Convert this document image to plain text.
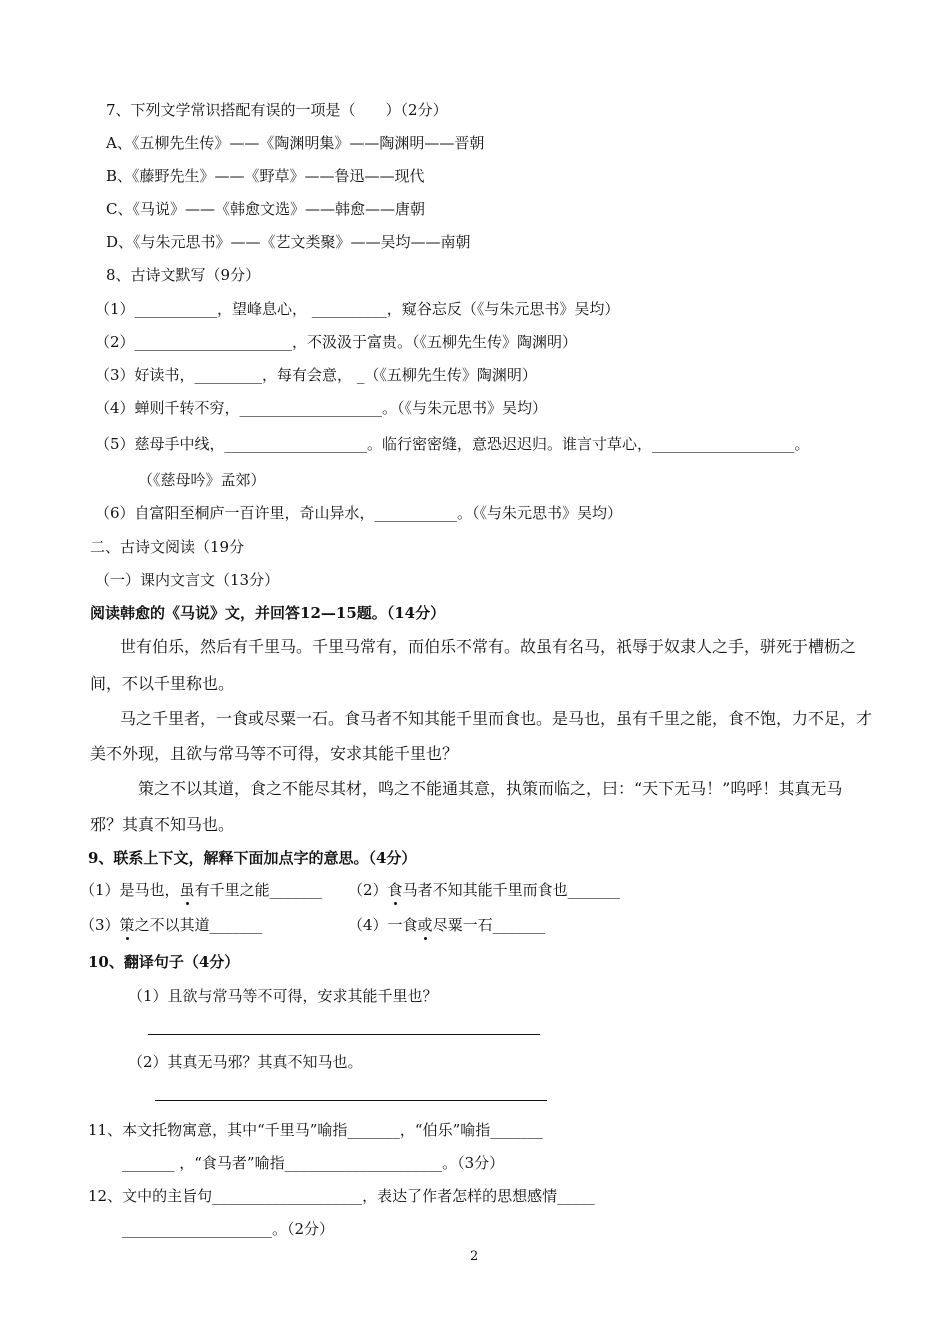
7、下列文学常识搭配有误的一项是（　　）（2分）
A、《五柳先生传》——《陶渊明集》——陶渊明——晋朝
B、《藤野先生》——《野草》——鲁迅——现代
C、《马说》——《韩愈文选》——韩愈——唐朝
D、《与朱元思书》——《艺文类聚》——吴均——南朝
8、古诗文默写（9分）
（1）___________，望峰息心， __________，窥谷忘反（《与朱元思书》吴均）
（2）_____________________，不汲汲于富贵。（《五柳先生传》陶渊明）
（3）好读书，_________，每有会意， _（《五柳先生传》陶渊明）
（4）蝉则千转不穷，___________________。（《与朱元思书》吴均）
（5）慈母手中线，___________________。临行密密缝，意恐迟迟归。谁言寸草心，___________________。
（《慈母吟》孟郊）
（6）自富阳至桐庐一百许里，奇山异水，___________。（《与朱元思书》吴均）
二、古诗文阅读（19分
（一）课内文言文（13分）
阅读韩愈的《马说》文，并回答12—15题。（14分）
世有伯乐，然后有千里马。千里马常有，而伯乐不常有。故虽有名马，祇辱于奴隶人之手，骈死于槽枥之
间，不以千里称也。
马之千里者，一食或尽粟一石。食马者不知其能千里而食也。是马也，虽有千里之能，食不饱，力不足，才
美不外现，且欲与常马等不可得，安求其能千里也？
策之不以其道，食之不能尽其材，鸣之不能通其意，执策而临之，曰：“天下无马！”呜呼！其真无马
邪？其真不知马也。
9、联系上下文，解释下面加点字的意思。（4分）
（1）是马也，虽有千里之能_______ （2）食马者不知其能千里而食也_______
（3）策之不以其道_______	（4）一食或尽粟一石_______
10、翻译句子（4分）
（1）且欲与常马等不可得，安求其能千里也？
（2）其真无马邪？其真不知马也。
11、本文托物寓意，其中“千里马”喻指_______，“伯乐”喻指_______
_______ ，“食马者”喻指_____________________。（3分）
12、文中的主旨句____________________，表达了作者怎样的思想感情_____
____________________。（2分）
2
